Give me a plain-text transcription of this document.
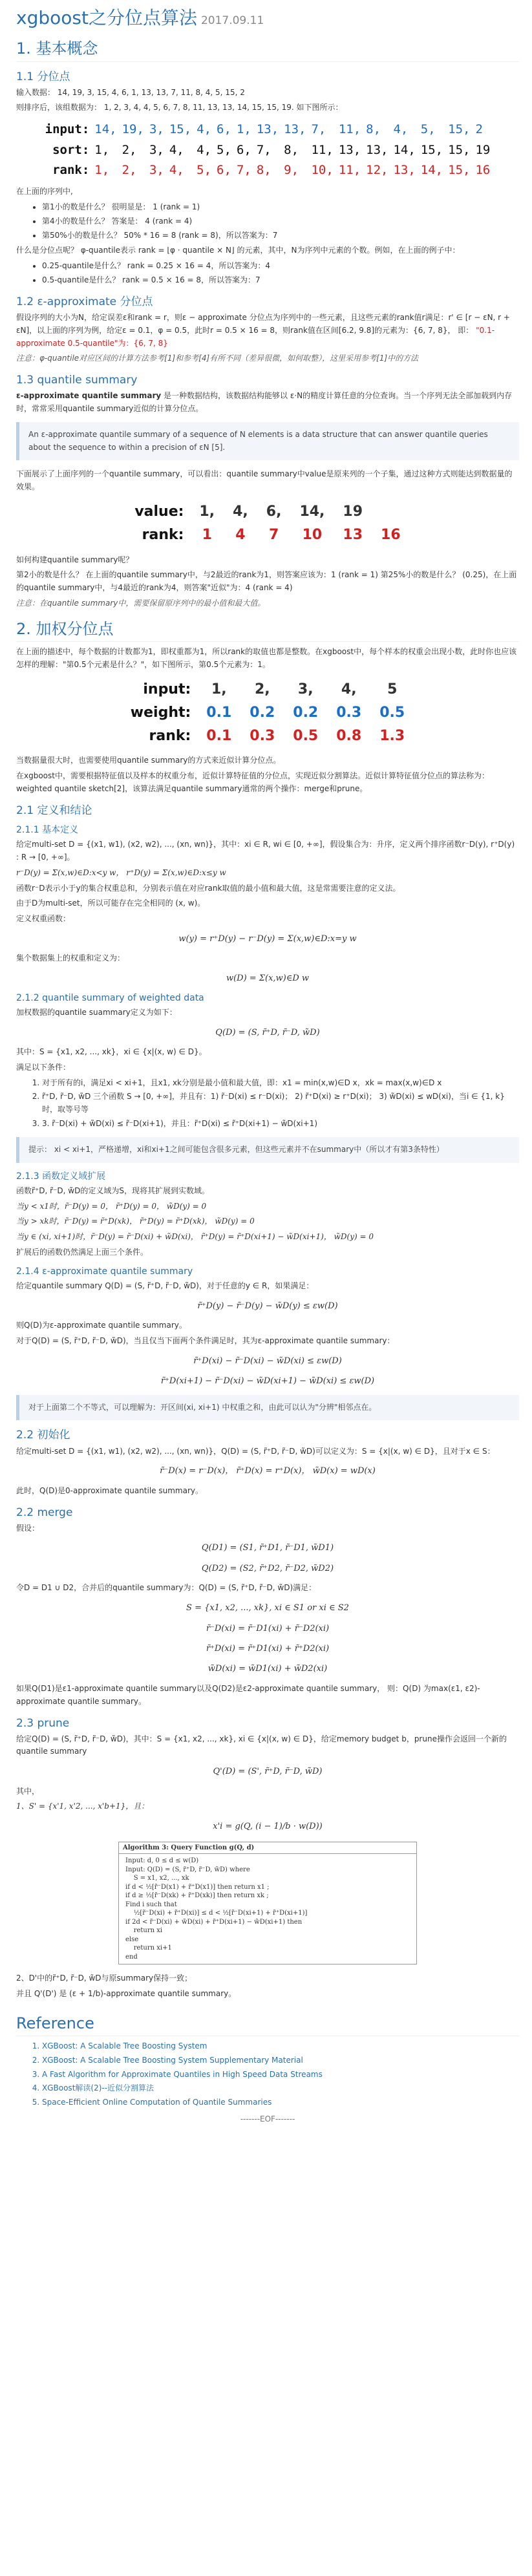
xgboost之分位点算法 2017.09.11
1. 基本概念
1.1 分位点

输入数据： 14, 19, 3, 15, 4, 6, 1, 13, 13, 7, 11, 8, 4, 5, 15, 2

则排序后，该组数据为： 1, 2, 3, 4, 4, 5, 6, 7, 8, 11, 13, 13, 14, 15, 15, 19. 如下图所示：

input:	14,	19,	3,	15,	4,	6,	1,	13,	13,	7,	11,	8,	4,	5,	15,	2
sort:	1,	2,	3,	4,	4,	5,	6,	7,	8,	11,	13,	13,	14,	15,	15,	19
rank:	1,	2,	3,	4,	5,	6,	7,	8,	9,	10,	11,	12,	13,	14,	15,	16

在上面的序列中,

• 第1小的数是什么？ 很明显是： 1 (rank = 1)
• 第4小的数是什么？ 答案是： 4 (rank = 4)
• 第50%小的数是什么？ 50% * 16 = 8 (rank = 8)，所以答案为：7

什么是分位点呢？ φ-quantile表示 rank = ⌊φ · quantile × N⌋ 的元素，其中，N为序列中元素的个数。例如，在上面的例子中：

• 0.25-quantile是什么？ rank = 0.25 × 16 = 4，所以答案为：4
• 0.5-quantile是什么？ rank = 0.5 × 16 = 8，所以答案为：7
1.2 ε-approximate 分位点

假设序列的大小为N，给定误差ε和rank = r，则ε − approximate 分位点为序列中的一些元素，且这些元素的rank值r满足：r' ∈ [r − εN, r + εN]，以上面的序列为例，给定ε = 0.1，φ = 0.5，此时r = 0.5 × 16 = 8，则rank值在区间[6.2, 9.8]的元素为：{6, 7, 8}， 即： "0.1-approximate 0.5-quantile"为：{6, 7, 8}

注意：φ-quantile对应区间的计算方法参考[1]和参考[4]有所不同（差异很微，如何取整），这里采用参考[1]中的方法

1.3 quantile summary

ε-approximate quantile summary 是一种数据结构，该数据结构能够以 ε·N的精度计算任意的分位查询。当一个序列无法全部加载到内存时，常常采用quantile summary近似的计算分位点。

An ε-approximate quantile summary of a sequence of N elements is a data structure that can answer quantile queries about the sequence to within a precision of εN [5].

下面展示了上面序列的一个quantile summary，可以看出：quantile summary中value是原来列的一个子集，通过这种方式则能达到数据量的效果。

value:	1,	4,	6,	14,	19	
rank:	1	4	7	10	13	16

如何构建quantile summary呢？

第2小的数是什么？ 在上面的quantile summary中，与2最近的rank为1，则答案应该为：1 (rank = 1) 第25%小的数是什么？ (0.25)，在上面的quantile summary中，与4最近的rank为4，则答案"近似"为：4 (rank = 4)

注意：在quantile summary中，需要保留原序列中的最小值和最大值。

2. 加权分位点

在上面的描述中，每个数据的计数都为1，即权重都为1，所以rank的取值也都是整数。在xgboost中，每个样本的权重会出现小数，此时你也应该怎样的理解："第0.5个元素是什么？"，如下图所示，第0.5个元素为：1。

input:	1,	2,	3,	4,	5
weight:	0.1	0.2	0.2	0.3	0.5
rank:	0.1	0.3	0.5	0.8	1.3

当数据量很大时，也需要使用quantile summary的方式来近似计算分位点。

在xgboost中，需要根据特征值以及样本的权重分布，近似计算特征值的分位点，实现近似分割算法。近似计算特征值分位点的算法称为：weighted quantile sketch[2]，该算法满足quantile summary通常的两个操作：merge和prune。

2.1 定义和结论
2.1.1 基本定义

给定multi-set D = {(x1, w1), (x2, w2), ..., (xn, wn)}，其中：xi ∈ R, wi ∈ [0, +∞]，假设集合为：升序，定义两个排序函数r⁻D(y), r⁺D(y) : R → [0, +∞]。

r⁻D(y) = Σ(x,w)∈D:x<y w， r⁺D(y) = Σ(x,w)∈D:x≤y w

函数r⁻D表示小于y的集合权重总和，分别表示值在对应rank取值的最小值和最大值，这是常需要注意的定义法。

由于D为multi-set，所以可能存在完全相同的 (x, w)。

定义权重函数：

w(y) = r⁺D(y) − r⁻D(y) = Σ(x,w)∈D:x=y w

集个数据集上的权重和定义为：

w(D) = Σ(x,w)∈D w
2.1.2 quantile summary of weighted data

加权数据的quantile suammary定义为如下：

Q(D) = (S, r̃⁺D, r̃⁻D, w̃D)

其中：S = {x1, x2, ..., xk}，xi ∈ {x|(x, w) ∈ D}。

满足以下条件：

1. 对于所有的i，满足xi < xi+1，且x1, xk分别是最小值和最大值，即：x1 = min(x,w)∈D x，xk = max(x,w)∈D x
2. r̃⁺D, r̃⁻D, w̃D 三个函数 S → [0, +∞]，并且有：1) r̃⁻D(xi) ≤ r⁻D(xi)； 2) r̃⁺D(xi) ≥ r⁺D(xi)； 3) w̃D(xi) ≤ wD(xi)，当i ∈ {1, k}时，取等号等
3. 3. r̃⁻D(xi) + w̃D(xi) ≤ r̃⁻D(xi+1)，并且：r̃⁺D(xi) ≤ r̃⁺D(xi+1) − w̃D(xi+1)
提示： xi < xi+1，严格递增，xi和xi+1之间可能包含很多元素，但这些元素并不在summary中（所以才有第3条特性）
2.1.3 函数定义域扩展

函数r̃⁺D, r̃⁻D, w̃D的定义域为S，现将其扩展到实数域。

当y < x1时，r̃⁻D(y) = 0， r̃⁺D(y) = 0， w̃D(y) = 0

当y > xk时，r̃⁻D(y) = r̃⁺D(xk)， r̃⁺D(y) = r̃⁺D(xk)， w̃D(y) = 0

当y ∈ (xi, xi+1)时，r̃⁻D(y) = r̃⁻D(xi) + w̃D(xi)， r̃⁺D(y) = r̃⁺D(xi+1) − w̃D(xi+1)， w̃D(y) = 0

扩展后的函数仍然满足上面三个条件。

2.1.4 ε-approximate quantile summary

给定quantile summary Q(D) = (S, r̃⁺D, r̃⁻D, w̃D)，对于任意的y ∈ R，如果满足：

r̃⁺D(y) − r̃⁻D(y) − w̃D(y) ≤ εw(D)

则Q(D)为ε-approximate quantile summary。

对于Q(D) = (S, r̃⁺D, r̃⁻D, w̃D)，当且仅当下面两个条件满足时，其为ε-approximate quantile summary：

r̃⁺D(xi) − r̃⁻D(xi) − w̃D(xi) ≤ εw(D)
r̃⁺D(xi+1) − r̃⁻D(xi) − w̃D(xi+1) − w̃D(xi) ≤ εw(D)
对于上面第二个不等式，可以理解为：开区间(xi, xi+1) 中权重之和，由此可以认为"分辨"相邻点在。
2.2 初始化

给定multi-set D = {(x1, w1), (x2, w2), ..., (xn, wn)}，Q(D) = (S, r̃⁺D, r̃⁻D, w̃D)可以定义为：S = {x|(x, w) ∈ D}，且对于x ∈ S：

r̃⁻D(x) = r⁻D(x)， r̃⁺D(x) = r⁺D(x)， w̃D(x) = wD(x)

此时，Q(D)是0-approximate quantile summary。

2.2 merge

假设：

Q(D1) = (S1, r̃⁺D1, r̃⁻D1, w̃D1)
Q(D2) = (S2, r̃⁺D2, r̃⁻D2, w̃D2)

令D = D1 ∪ D2，合并后的quantile summary为：Q(D) = (S, r̃⁺D, r̃⁻D, w̃D)满足：

S = {x1, x2, ..., xk}, xi ∈ S1 or xi ∈ S2
r̃⁻D(xi) = r̃⁻D1(xi) + r̃⁻D2(xi)
r̃⁺D(xi) = r̃⁺D1(xi) + r̃⁺D2(xi)
w̃D(xi) = w̃D1(xi) + w̃D2(xi)

如果Q(D1)是ε1-approximate quantile summary以及Q(D2)是ε2-approximate quantile summary， 则：Q(D) 为max(ε1, ε2)-approximate quantile summary。

2.3 prune

给定Q(D) = (S, r̃⁺D, r̃⁻D, w̃D)，其中：S = {x1, x2, ..., xk}, xi ∈ {x|(x, w) ∈ D}，给定memory budget b，prune操作会返回一个新的quantile summary

Q'(D) = (S', r̃⁺D, r̃⁻D, w̃D)

其中，

1、S' = {x'1, x'2, ..., x'b+1}，且：

x'i = g(Q, (i − 1)/b · w(D))
Algorithm 3: Query Function g(Q, d)
Input: d, 0 ≤ d ≤ w(D)
Input: Q(D) = (S, r̃⁺D, r̃⁻D, w̃D) where
S = x1, x2, ..., xk
if d < ½[r̃⁻D(x1) + r̃⁺D(x1)] then return x1 ;
if d ≥ ½[r̃⁻D(xk) + r̃⁺D(xk)] then return xk ;
Find i such that
½[r̃⁻D(xi) + r̃⁺D(xi)] ≤ d < ½[r̃⁻D(xi+1) + r̃⁺D(xi+1)]
if 2d < r̃⁻D(xi) + w̃D(xi) + r̃⁺D(xi+1) − w̃D(xi+1) then
return xi
else
return xi+1
end

2、D'中的r̃⁺D, r̃⁻D, w̃D与原summary保持一致；

并且 Q'(D') 是 (ε + 1/b)-approximate quantile summary。

Reference
1. XGBoost: A Scalable Tree Boosting System
2. XGBoost: A Scalable Tree Boosting System Supplementary Material
3. A Fast Algorithm for Approximate Quantiles in High Speed Data Streams
4. XGBoost解读(2)--近似分割算法
5. Space-Efficient Online Computation of Quantile Summaries
-------EOF-------
